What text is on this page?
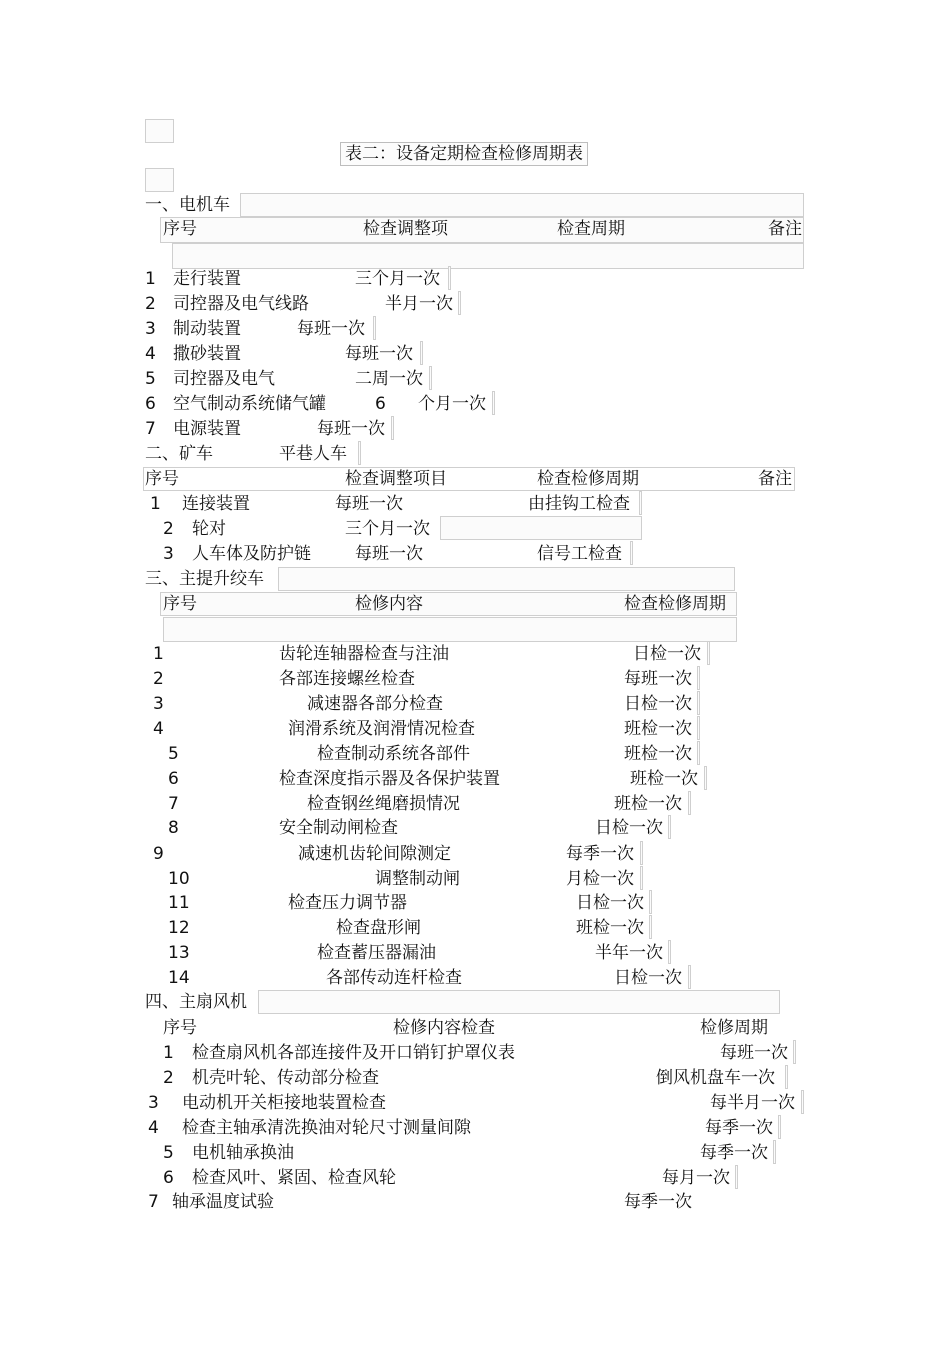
表二：设备定期检查检修周期表
一、电机车
序号	检查调整项	检查周期	备注
1 走行装置	三个月一次
2 司控器及电气线路	半月一次
3 制动装置	每班一次
4 撒砂装置	每班一次
5 司控器及电气	二周一次
6 空气制动系统储气罐	6 个月一次
7 电源装置	每班一次
二、矿车	平巷人车
序号	检查调整项目	检查检修周期	备注
1 连接装置	每班一次	由挂钩工检查
2 轮对	三个月一次
3 人车体及防护链	每班一次	信号工检查
三、主提升绞车
序号	检修内容	检查检修周期
1	齿轮连轴器检查与注油	日检一次
2	各部连接螺丝检查	每班一次
3	减速器各部分检查	日检一次
4	润滑系统及润滑情况检查	班检一次
5	检查制动系统各部件	班检一次
6	检查深度指示器及各保护装置	班检一次
7	检查钢丝绳磨损情况	班检一次
8	安全制动闸检查	日检一次
9	减速机齿轮间隙测定	每季一次
10	调整制动闸	月检一次
11	检查压力调节器	日检一次
12	检查盘形闸	班检一次
13	检查蓄压器漏油	半年一次
14	各部传动连杆检查	日检一次
四、主扇风机
序号	检修内容检查	检修周期
1 检查扇风机各部连接件及开口销钉护罩仪表	每班一次
2 机壳叶轮、传动部分检查	倒风机盘车一次
3 电动机开关柜接地装置检查	每半月一次
4 检查主轴承清洗换油对轮尺寸测量间隙	每季一次
5 电机轴承换油	每季一次
6 检查风叶、紧固、检查风轮	每月一次
7 轴承温度试验	每季一次
